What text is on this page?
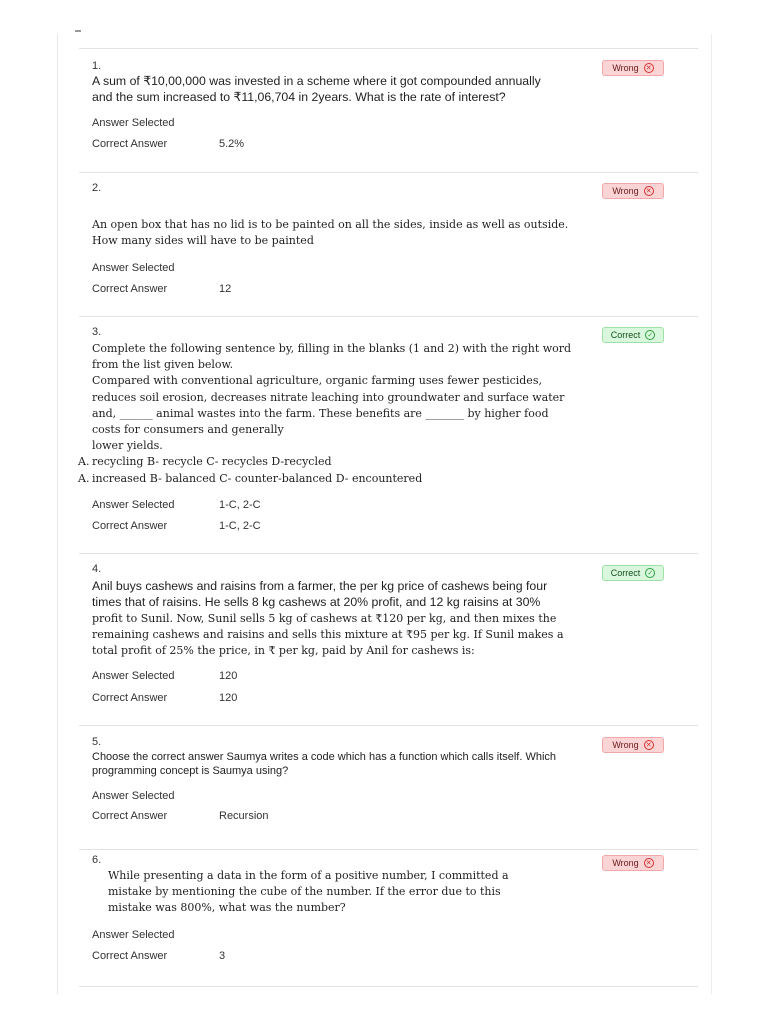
1.	Wrong ✕

A sum of ₹10,00,000 was invested in a scheme where it got compounded annually

and the sum increased to ₹11,06,704 in 2years. What is the rate of interest?

Answer Selected
Correct Answer	5.2%
2.	Wrong ✕

An open box that has no lid is to be painted on all the sides, inside as well as outside.

How many sides will have to be painted

Answer Selected
Correct Answer	12
3.	Correct ✓

Complete the following sentence by, filling in the blanks (1 and 2) with the right word

from the list given below.

Compared with conventional agriculture, organic farming uses fewer pesticides,

reduces soil erosion, decreases nitrate leaching into groundwater and surface water

and, ______ animal wastes into the farm. These benefits are _______ by higher food

costs for consumers and generally

lower yields.

A. recycling B- recycle C- recycles D-recycled

A. increased B- balanced C- counter-balanced D- encountered

Answer Selected	1-C, 2-C
Correct Answer	1-C, 2-C
4.	Correct ✓

Anil buys cashews and raisins from a farmer, the per kg price of cashews being four

times that of raisins. He sells 8 kg cashews at 20% profit, and 12 kg raisins at 30%

profit to Sunil. Now, Sunil sells 5 kg of cashews at ₹120 per kg, and then mixes the

remaining cashews and raisins and sells this mixture at ₹95 per kg. If Sunil makes a

total profit of 25% the price, in ₹ per kg, paid by Anil for cashews is:

Answer Selected	120
Correct Answer	120
5.	Wrong ✕

Choose the correct answer Saumya writes a code which has a function which calls itself. Which

programming concept is Saumya using?

Answer Selected
Correct Answer	Recursion
6.	Wrong ✕

While presenting a data in the form of a positive number, I committed a

mistake by mentioning the cube of the number. If the error due to this

mistake was 800%, what was the number?

Answer Selected
Correct Answer	3
